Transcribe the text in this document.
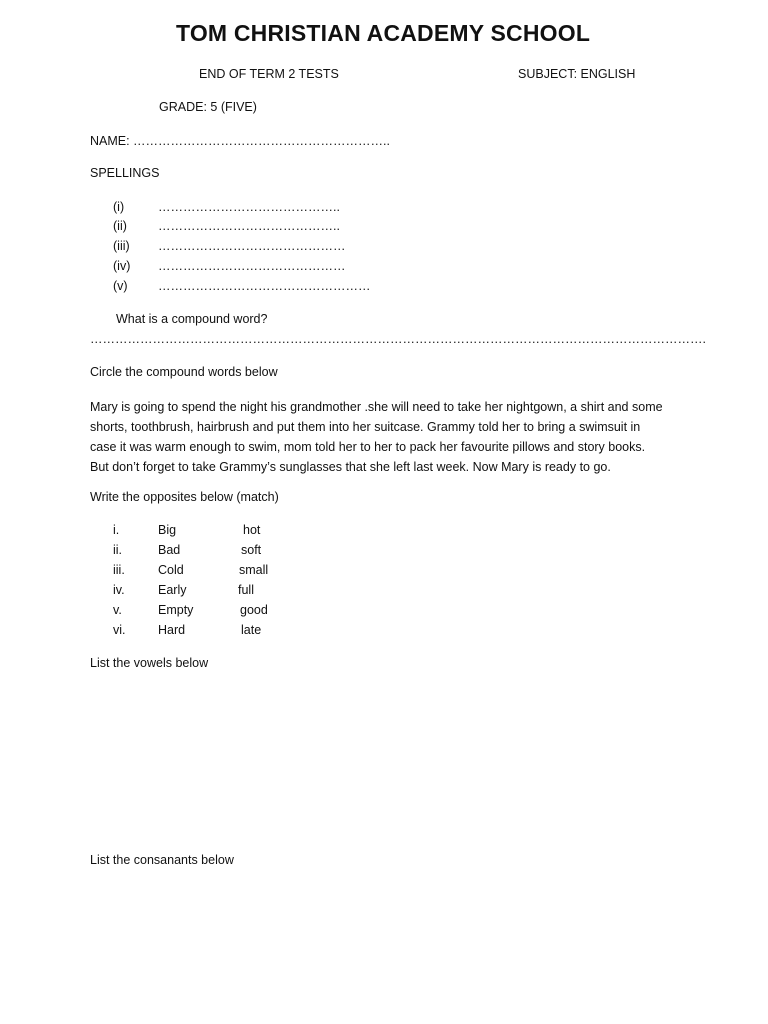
TOM CHRISTIAN ACADEMY SCHOOL
END OF TERM 2 TESTS	SUBJECT: ENGLISH
GRADE: 5 (FIVE)
NAME: ……………………………………………………..
SPELLINGS
(i)	……………………………………..
(ii) ……………………………………..
(iii) ………………………………………
(iv) ………………………………………
(v) ……………………………………………
What is a compound word?
………………………………………………………………………………………………………………………………….
Circle the compound words below
Mary is going to spend the night his grandmother .she will need to take her nightgown, a shirt and some
shorts, toothbrush, hairbrush and put them into her suitcase. Grammy told her to bring a swimsuit in
case it was warm enough to swim, mom told her to her to pack her favourite pillows and story books.
But don’t forget to take Grammy’s sunglasses that she left last week. Now Mary is ready to go.
Write the opposites below (match)
i.	Big	hot
ii.	Bad	soft
iii.	Cold	small
iv.	Early	full
v.	Empty	good
vi.	Hard	late
List the vowels below
List the consanants below
